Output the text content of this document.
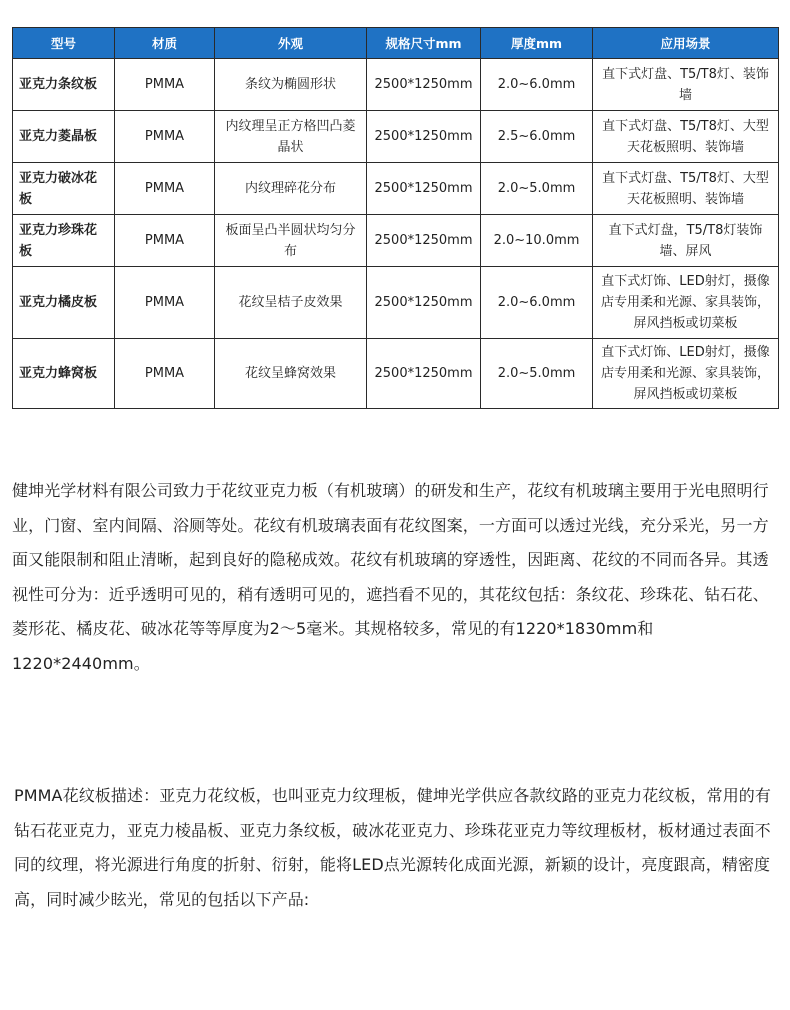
型号	材质	外观	规格尺寸mm	厚度mm	应用场景
亚克力条纹板	PMMA	条纹为椭圆形状	2500*1250mm	2.0~6.0mm	直下式灯盘、T5/T8灯、装饰墙
亚克力菱晶板	PMMA	内纹理呈正方格凹凸菱晶状	2500*1250mm	2.5~6.0mm	直下式灯盘、T5/T8灯、大型天花板照明、装饰墙
亚克力破冰花板	PMMA	内纹理碎花分布	2500*1250mm	2.0~5.0mm	直下式灯盘、T5/T8灯、大型天花板照明、装饰墙
亚克力珍珠花板	PMMA	板面呈凸半圆状均匀分布	2500*1250mm	2.0~10.0mm	直下式灯盘，T5/T8灯装饰墙、屏风
亚克力橘皮板	PMMA	花纹呈桔子皮效果	2500*1250mm	2.0~6.0mm	直下式灯饰、LED射灯，摄像店专用柔和光源、家具装饰，屏风挡板或切菜板
亚克力蜂窝板	PMMA	花纹呈蜂窝效果	2500*1250mm	2.0~5.0mm	直下式灯饰、LED射灯，摄像店专用柔和光源、家具装饰，屏风挡板或切菜板

健坤光学材料有限公司致力于花纹亚克力板（有机玻璃）的研发和生产，花纹有机玻璃主要用于光电照明行业，门窗、室内间隔、浴厕等处。花纹有机玻璃表面有花纹图案，一方面可以透过光线，充分采光，另一方面又能限制和阻止清晰，起到良好的隐秘成效。花纹有机玻璃的穿透性，因距离、花纹的不同而各异。其透视性可分为：近乎透明可见的，稍有透明可见的，遮挡看不见的，其花纹包括：条纹花、珍珠花、钻石花、菱形花、橘皮花、破冰花等等厚度为2～5毫米。其规格较多，常见的有1220*1830mm和1220*2440mm。

PMMA花纹板描述：亚克力花纹板，也叫亚克力纹理板，健坤光学供应各款纹路的亚克力花纹板，常用的有钻石花亚克力，亚克力棱晶板、亚克力条纹板，破冰花亚克力、珍珠花亚克力等纹理板材，板材通过表面不同的纹理，将光源进行角度的折射、衍射，能将LED点光源转化成面光源，新颖的设计，亮度跟高，精密度高，同时减少眩光，常见的包括以下产品:
